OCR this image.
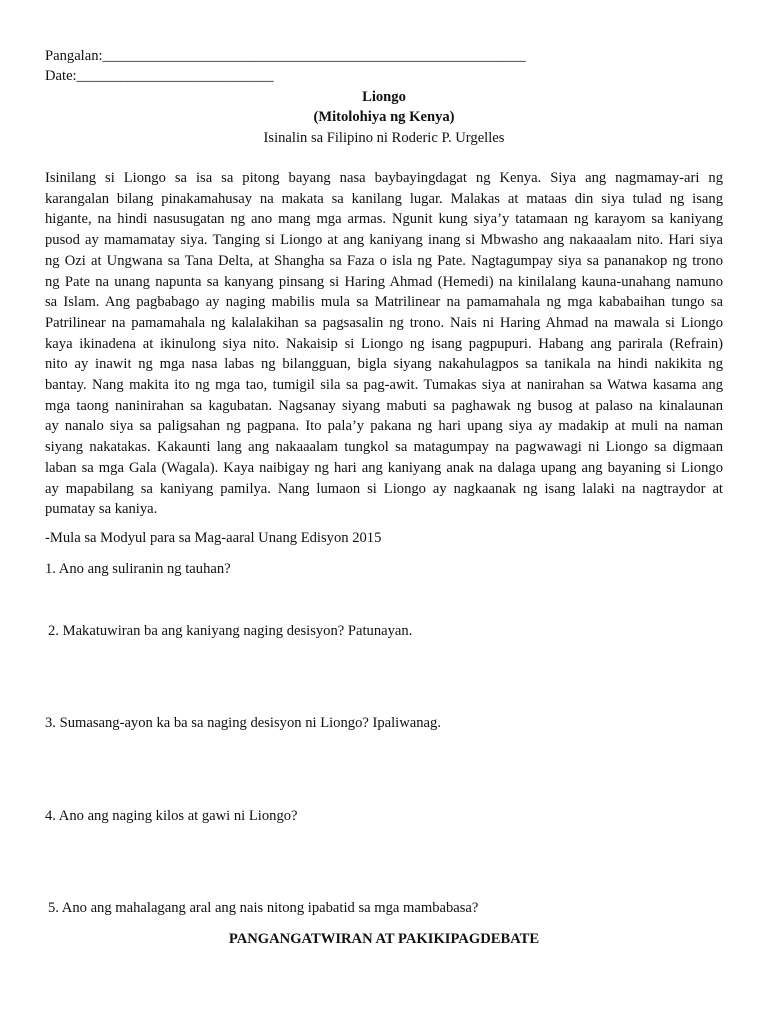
Pangalan:__________________________________________________________
Date:___________________________
Liongo
(Mitolohiya ng Kenya)
Isinalin sa Filipino ni Roderic P. Urgelles
Isinilang si Liongo sa isa sa pitong bayang nasa baybayingdagat ng Kenya. Siya ang nagmamay-ari ng
karangalan bilang pinakamahusay na makata sa kanilang lugar. Malakas at mataas din siya tulad ng isang
higante, na hindi nasusugatan ng ano mang mga armas. Ngunit kung siya’y tatamaan ng karayom sa kaniyang
pusod ay mamamatay siya. Tanging si Liongo at ang kaniyang inang si Mbwasho ang nakaaalam nito. Hari siya
ng Ozi at Ungwana sa Tana Delta, at Shangha sa Faza o isla ng Pate. Nagtagumpay siya sa pananakop ng trono
ng Pate na unang napunta sa kanyang pinsang si Haring Ahmad (Hemedi) na kinilalang kauna-unahang namuno
sa Islam. Ang pagbabago ay naging mabilis mula sa Matrilinear na pamamahala ng mga kababaihan tungo sa
Patrilinear na pamamahala ng kalalakihan sa pagsasalin ng trono. Nais ni Haring Ahmad na mawala si Liongo
kaya ikinadena at ikinulong siya nito. Nakaisip si Liongo ng isang pagpupuri. Habang ang parirala (Refrain)
nito ay inawit ng mga nasa labas ng bilangguan, bigla siyang nakahulagpos sa tanikala na hindi nakikita ng
bantay. Nang makita ito ng mga tao, tumigil sila sa pag-awit. Tumakas siya at nanirahan sa Watwa kasama ang
mga taong naninirahan sa kagubatan. Nagsanay siyang mabuti sa paghawak ng busog at palaso na kinalaunan
ay nanalo siya sa paligsahan ng pagpana. Ito pala’y pakana ng hari upang siya ay madakip at muli na naman
siyang nakatakas. Kakaunti lang ang nakaaalam tungkol sa matagumpay na pagwawagi ni Liongo sa digmaan
laban sa mga Gala (Wagala). Kaya naibigay ng hari ang kaniyang anak na dalaga upang ang bayaning si Liongo
ay mapabilang sa kaniyang pamilya. Nang lumaon si Liongo ay nagkaanak ng isang lalaki na nagtraydor at
pumatay sa kaniya.
-Mula sa Modyul para sa Mag-aaral Unang Edisyon 2015
1. Ano ang suliranin ng tauhan?
2. Makatuwiran ba ang kaniyang naging desisyon? Patunayan.
3. Sumasang-ayon ka ba sa naging desisyon ni Liongo? Ipaliwanag.
4. Ano ang naging kilos at gawi ni Liongo?
5. Ano ang mahalagang aral ang nais nitong ipabatid sa mga mambabasa?
PANGANGATWIRAN AT PAKIKIPAGDEBATE
